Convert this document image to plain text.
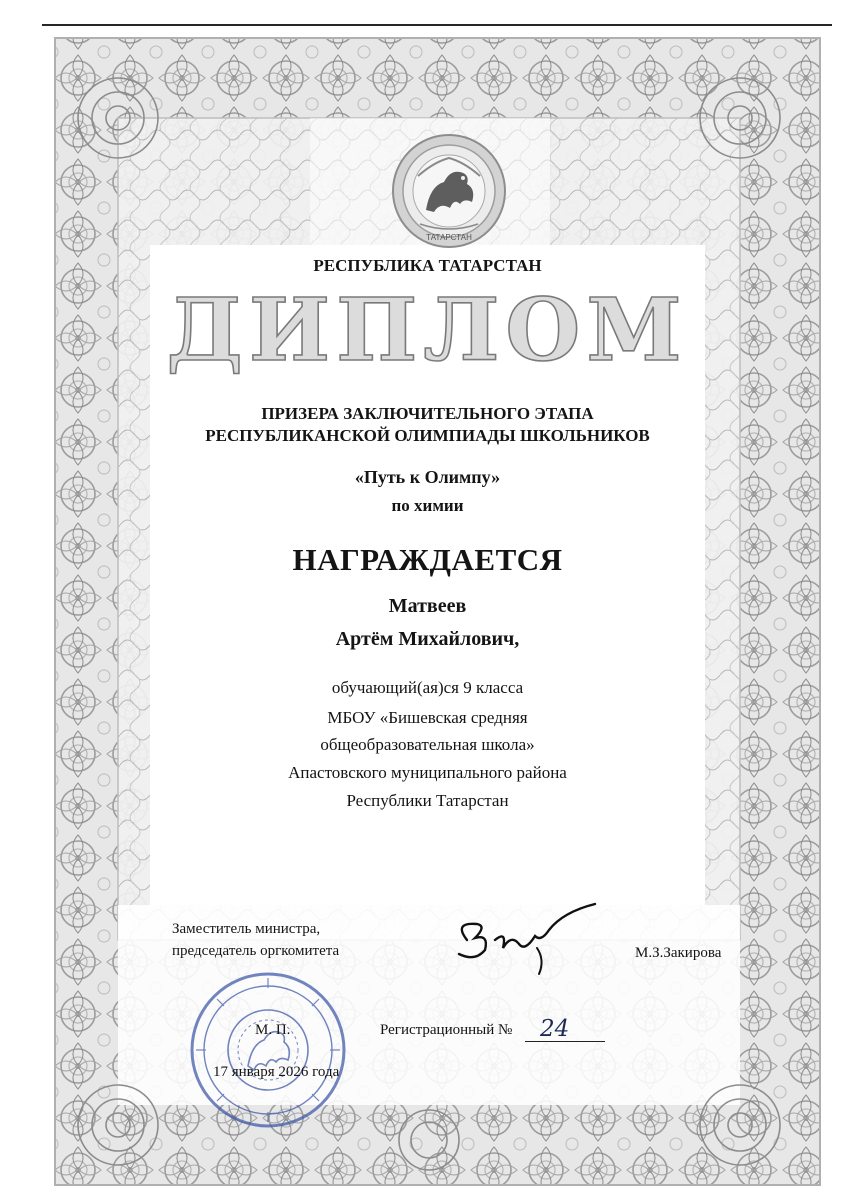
ТАТАРСТАН
РЕСПУБЛИКА ТАТАРСТАН
ДИПЛОМ
ПРИЗЕРА ЗАКЛЮЧИТЕЛЬНОГО ЭТАПА
РЕСПУБЛИКАНСКОЙ ОЛИМПИАДЫ ШКОЛЬНИКОВ
«Путь к Олимпу»
по химии
НАГРАЖДАЕТСЯ
Матвеев
Артём Михайлович,
обучающий(ая)ся 9 класса
МБОУ «Бишевская средняя
общеобразовательная школа»
Апастовского муниципального района
Республики Татарстан
Заместитель министра,
председатель оргкомитета	М.З.Закирова
М. П.	Регистрационный № 24
17 января 2026 года
